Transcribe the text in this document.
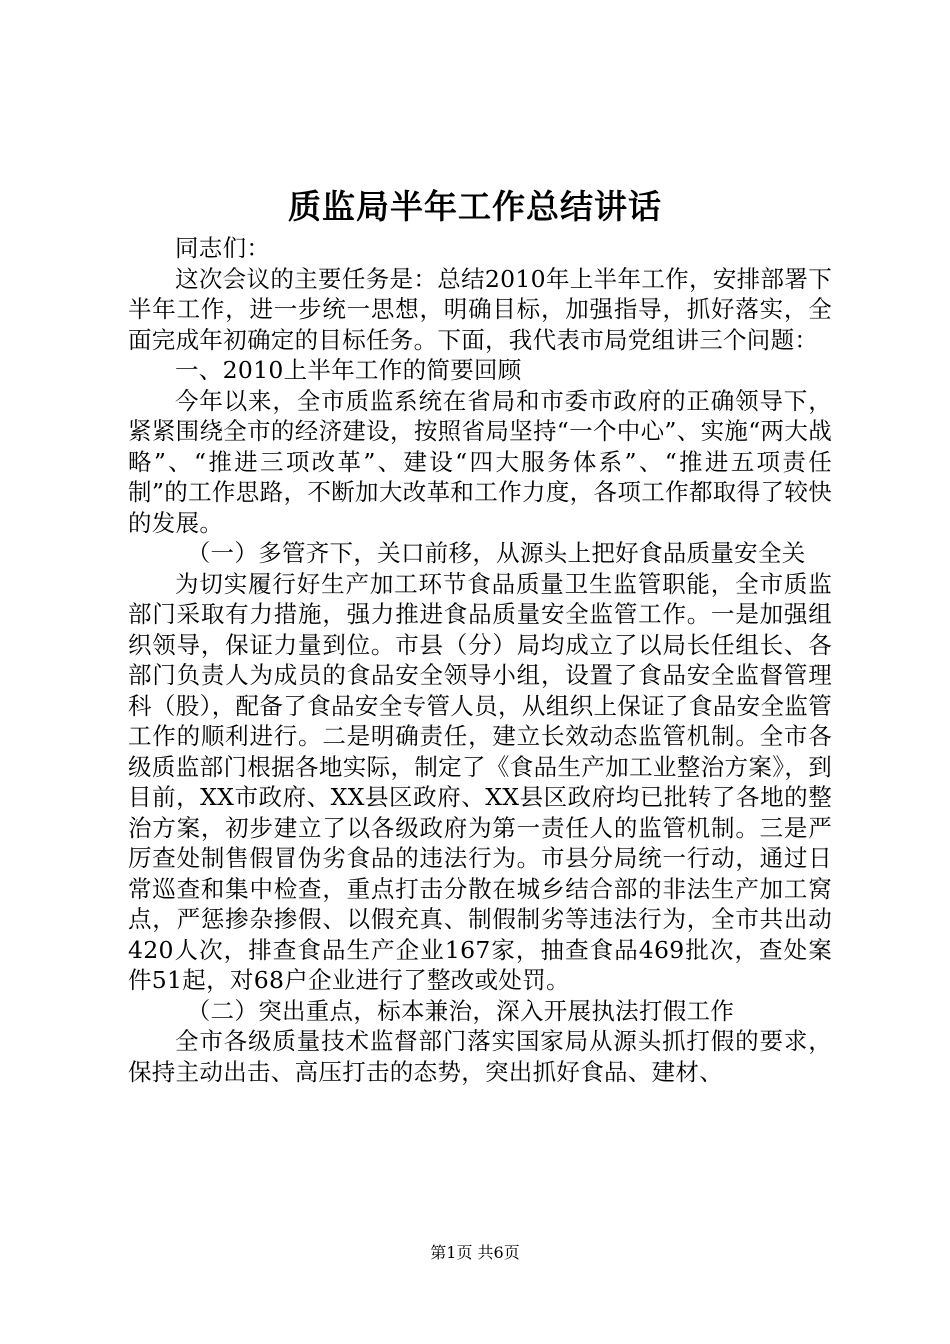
质监局半年工作总结讲话

同志们：

这次会议的主要任务是：总结2010年上半年工作，安排部署下半年工作，进一步统一思想，明确目标，加强指导，抓好落实，全面完成年初确定的目标任务。下面，我代表市局党组讲三个问题：

一、2010上半年工作的简要回顾

今年以来，全市质监系统在省局和市委市政府的正确领导下，紧紧围绕全市的经济建设，按照省局坚持“一个中心”、实施“两大战略”、“推进三项改革”、建设“四大服务体系”、“推进五项责任制”的工作思路，不断加大改革和工作力度，各项工作都取得了较快的发展。

（一）多管齐下，关口前移，从源头上把好食品质量安全关

为切实履行好生产加工环节食品质量卫生监管职能，全市质监部门采取有力措施，强力推进食品质量安全监管工作。一是加强组织领导，保证力量到位。市县（分）局均成立了以局长任组长、各部门负责人为成员的食品安全领导小组，设置了食品安全监督管理科（股），配备了食品安全专管人员，从组织上保证了食品安全监管工作的顺利进行。二是明确责任，建立长效动态监管机制。全市各级质监部门根据各地实际，制定了《食品生产加工业整治方案》，到目前，XX市政府、XX县区政府、XX县区政府均已批转了各地的整治方案，初步建立了以各级政府为第一责任人的监管机制。三是严厉查处制售假冒伪劣食品的违法行为。市县分局统一行动，通过日常巡查和集中检查，重点打击分散在城乡结合部的非法生产加工窝点，严惩掺杂掺假、以假充真、制假制劣等违法行为，全市共出动420人次，排查食品生产企业167家，抽查食品469批次，查处案件51起，对68户企业进行了整改或处罚。

（二）突出重点，标本兼治，深入开展执法打假工作

全市各级质量技术监督部门落实国家局从源头抓打假的要求，保持主动出击、高压打击的态势，突出抓好食品、建材、

第1页 共6页
